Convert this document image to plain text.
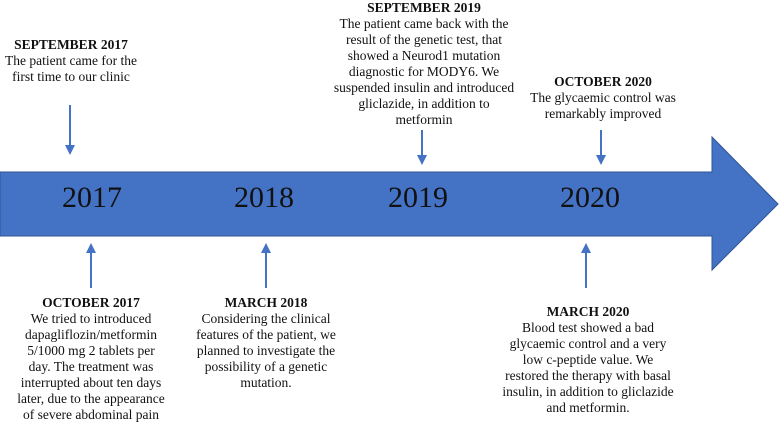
2017	2018	2019	2020
SEPTEMBER 2017
The patient came for the first time to our clinic
SEPTEMBER 2019
The patient came back with the result of the genetic test, that showed a Neurod1 mutation diagnostic for MODY6. We suspended insulin and introduced gliclazide, in addition to metformin
OCTOBER 2020
The glycaemic control was remarkably improved
OCTOBER 2017
We tried to introduced dapagliflozin/metformin 5/1000 mg 2 tablets per day. The treatment was interrupted about ten days later, due to the appearance of severe abdominal pain
MARCH 2018
Considering the clinical features of the patient, we planned to investigate the possibility of a genetic mutation.
MARCH 2020
Blood test showed a bad glycaemic control and a very low c-peptide value. We restored the therapy with basal insulin, in addition to gliclazide and metformin.
